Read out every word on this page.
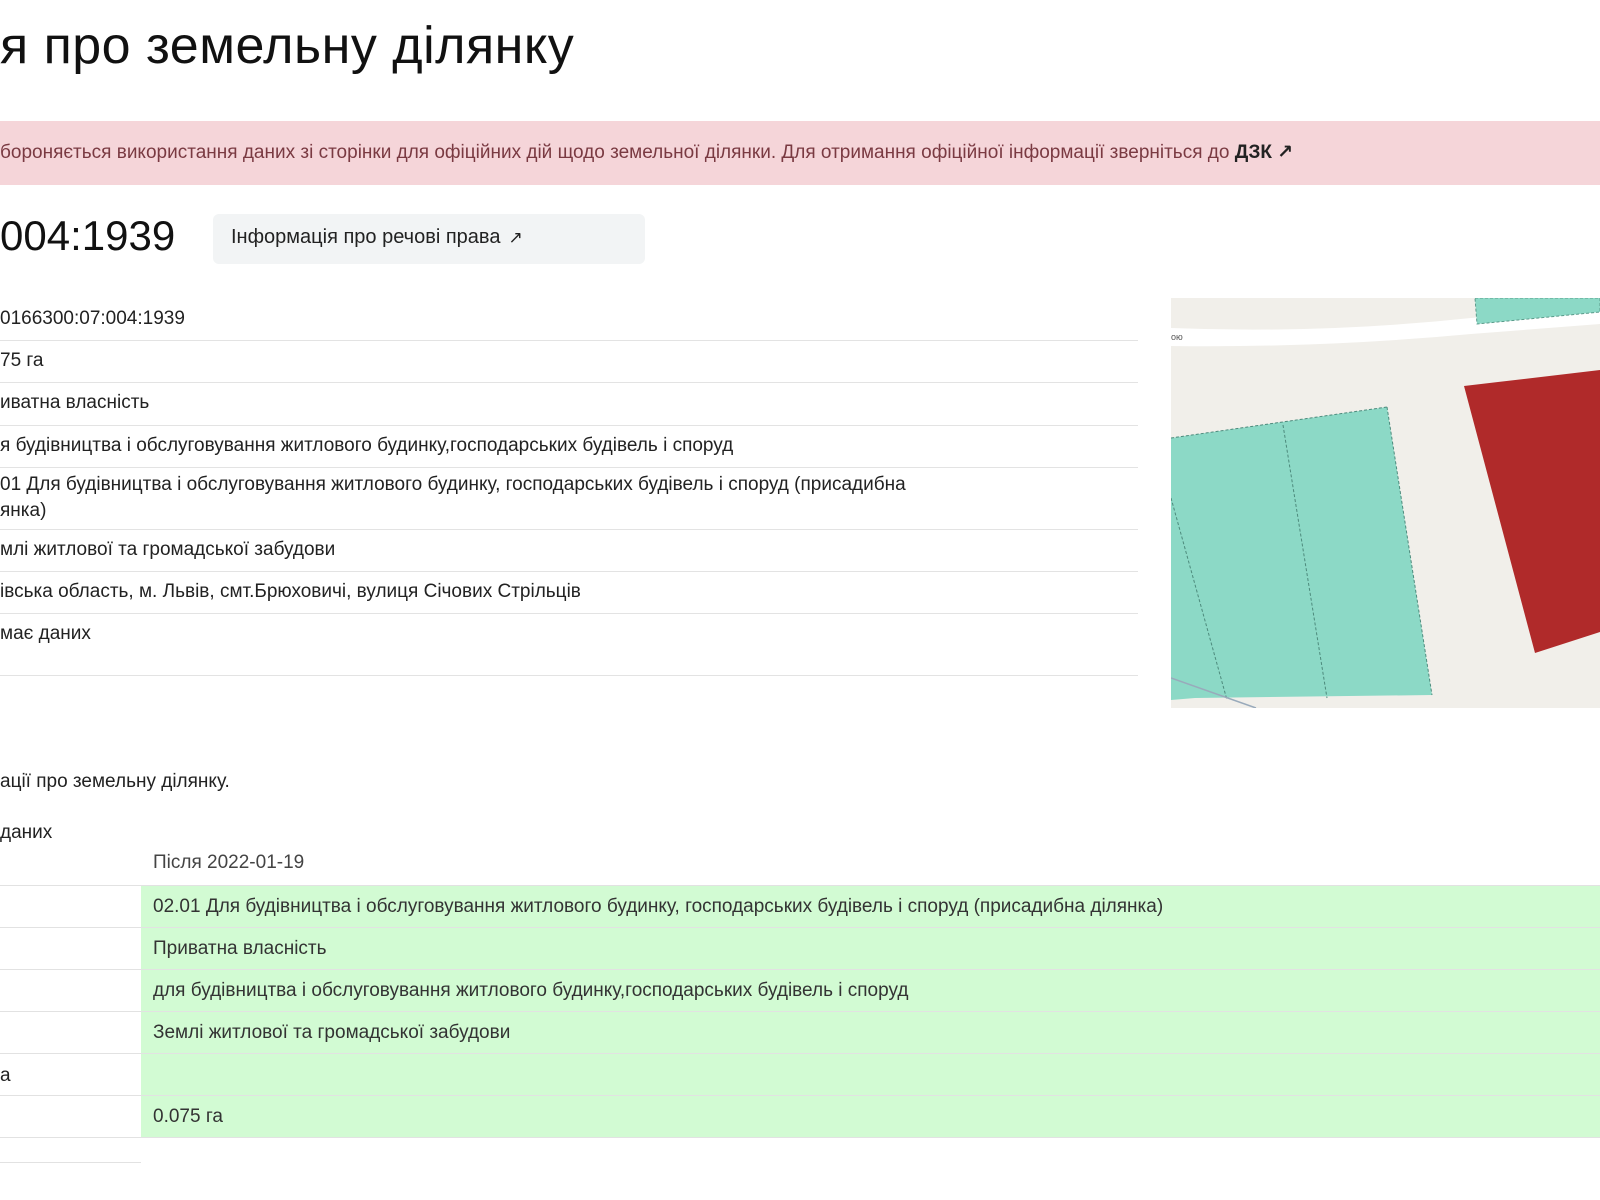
я про земельну ділянку
бороняється використання даних зі сторінки для офіційних дій щодо земельної ділянки. Для отримання офіційної інформації зверніться до ДЗК ↗
004:1939	Інформація про речові права ↗
0166300:07:004:1939
75 га
иватна власність
я будівництва і обслуговування житлового будинку,господарських будівель і споруд
01 Для будівництва і обслуговування житлового будинку, господарських будівель і споруд (присадибна
янка)
млі житлової та громадської забудови
івська область, м. Львів, смт.Брюховичі, вулиця Січових Стрільців
має даних
ою
ації про земельну ділянку.
даних
Після 2022-01-19
02.01 Для будівництва і обслуговування житлового будинку, господарських будівель і споруд (присадибна ділянка)
Приватна власність
для будівництва і обслуговування житлового будинку,господарських будівель і споруд
Землі житлової та громадської забудови
а
0.075 га
